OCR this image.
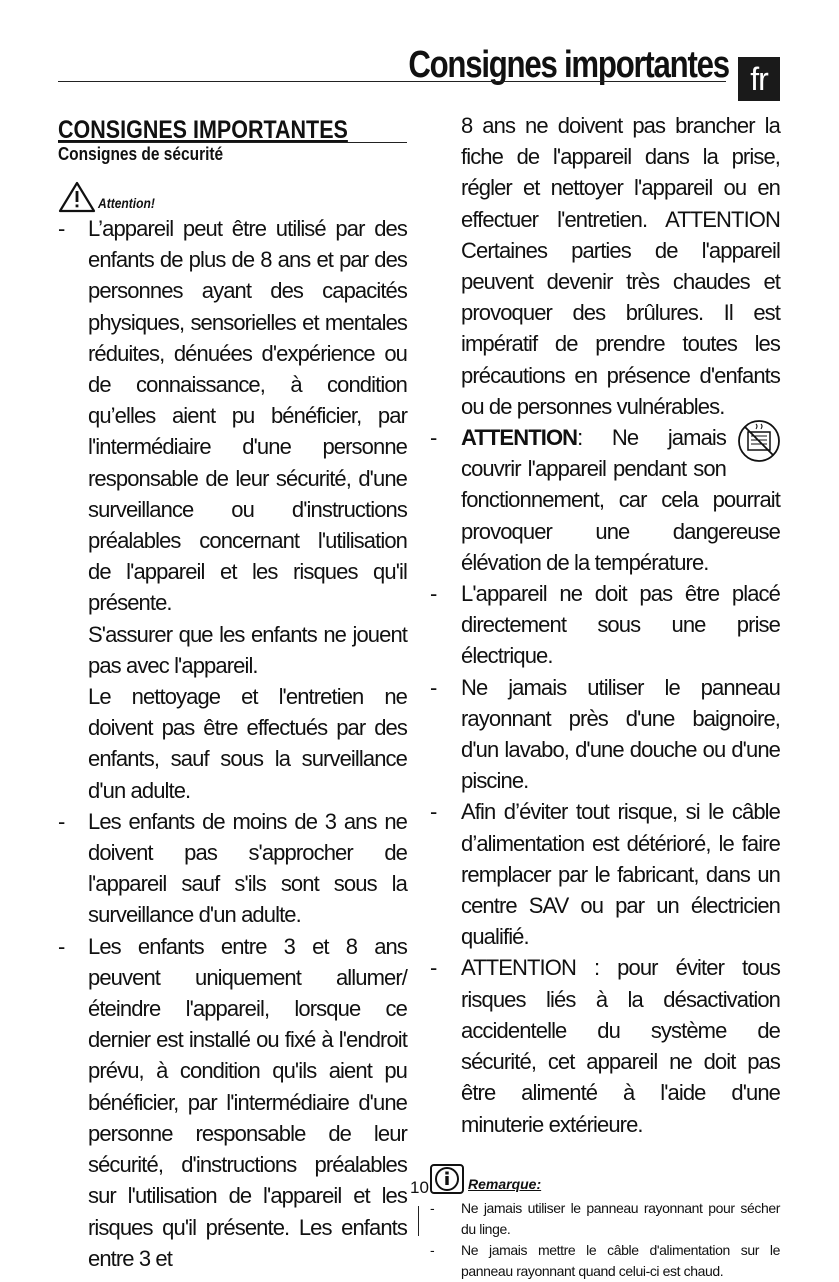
Consignes importantes fr
CONSIGNES IMPORTANTES
Consignes de sécurité
Attention!
- L’appareil peut être utilisé par des enfants de plus de 8 ans et par des personnes ayant des capacités physiques, sensorielles et mentales réduites, dénuées d'expérience ou de connaissance, à condition qu’elles aient pu bénéficier, par l'intermédiaire d'une personne responsable de leur sécurité, d'une surveillance ou d'instructions préalables concernant l'utilisation de l'appareil et les risques qu'il présente.
S'assurer que les enfants ne jouent pas avec l'appareil.
Le nettoyage et l'entretien ne doivent pas être effectués par des enfants, sauf sous la surveillance d'un adulte.
- Les enfants de moins de 3 ans ne doivent pas s'approcher de l'appareil sauf s'ils sont sous la surveillance d'un adulte.
- Les enfants entre 3 et 8 ans peuvent uniquement allumer/éteindre l'appareil, lorsque ce dernier est installé ou fixé à l'endroit prévu, à condition qu'ils aient pu bénéficier, par l'intermédiaire d'une personne responsable de leur sécurité, d'instructions préalables sur l'utilisation de l'appareil et les risques qu'il présente. Les enfants entre 3 et
8 ans ne doivent pas brancher la fiche de l'appareil dans la prise, régler et nettoyer l'appareil ou en effectuer l'entretien. ATTENTION Certaines parties de l'appareil peuvent devenir très chaudes et provoquer des brûlures. Il est impératif de prendre toutes les précautions en présence d'enfants ou de personnes vulnérables.
- ATTENTION: Ne jamais couvrir l'appareil pendant son fonctionnement, car cela pourrait provoquer une dangereuse élévation de la température.
- L'appareil ne doit pas être placé directement sous une prise électrique.
- Ne jamais utiliser le panneau rayonnant près d'une baignoire, d'un lavabo, d'une douche ou d'une piscine.
- Afin d’éviter tout risque, si le câble d’alimentation est détérioré, le faire remplacer par le fabricant, dans un centre SAV ou par un électricien qualifié.
- ATTENTION : pour éviter tous risques liés à la désactivation accidentelle du système de sécurité, cet appareil ne doit pas être alimenté à l'aide d'une minuterie extérieure.
Remarque:
- Ne jamais utiliser le panneau rayonnant pour sécher du linge.
- Ne jamais mettre le câble d'alimentation sur le panneau rayonnant quand celui-ci est chaud.
10
